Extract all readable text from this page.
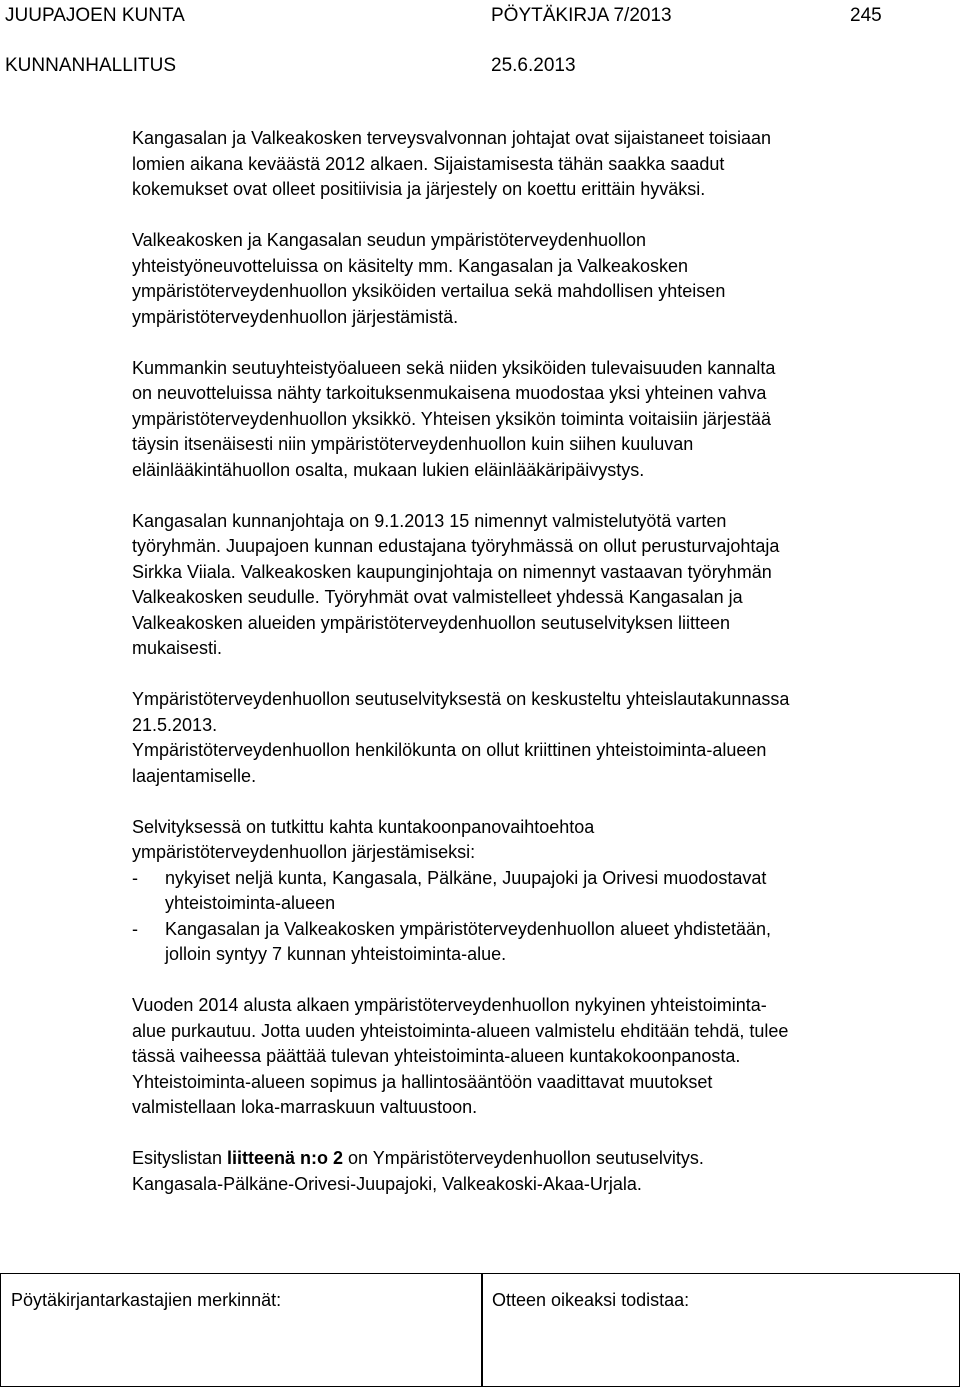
JUUPAJOEN KUNTA	PÖYTÄKIRJA 7/2013	245
KUNNANHALLITUS	25.6.2013

Kangasalan ja Valkeakosken terveysvalvonnan johtajat ovat sijaistaneet toisiaan
lomien aikana keväästä 2012 alkaen. Sijaistamisesta tähän saakka saadut
kokemukset ovat olleet positiivisia ja järjestely on koettu erittäin hyväksi.

Valkeakosken ja Kangasalan seudun ympäristöterveydenhuollon
yhteistyöneuvotteluissa on käsitelty mm. Kangasalan ja Valkeakosken
ympäristöterveydenhuollon yksiköiden vertailua sekä mahdollisen yhteisen
ympäristöterveydenhuollon järjestämistä.

Kummankin seutuyhteistyöalueen sekä niiden yksiköiden tulevaisuuden kannalta
on neuvotteluissa nähty tarkoituksenmukaisena muodostaa yksi yhteinen vahva
ympäristöterveydenhuollon yksikkö. Yhteisen yksikön toiminta voitaisiin järjestää
täysin itsenäisesti niin ympäristöterveydenhuollon kuin siihen kuuluvan
eläinlääkintähuollon osalta, mukaan lukien eläinlääkäripäivystys.

Kangasalan kunnanjohtaja on 9.1.2013 15 nimennyt valmistelutyötä varten
työryhmän. Juupajoen kunnan edustajana työryhmässä on ollut perusturvajohtaja
Sirkka Viiala. Valkeakosken kaupunginjohtaja on nimennyt vastaavan työryhmän
Valkeakosken seudulle. Työryhmät ovat valmistelleet yhdessä Kangasalan ja
Valkeakosken alueiden ympäristöterveydenhuollon seutuselvityksen liitteen
mukaisesti.

Ympäristöterveydenhuollon seutuselvityksestä on keskusteltu yhteislautakunnassa
21.5.2013.

Ympäristöterveydenhuollon henkilökunta on ollut kriittinen yhteistoiminta-alueen
laajentamiselle.

Selvityksessä on tutkittu kahta kuntakoonpanovaihtoehtoa
ympäristöterveydenhuollon järjestämiseksi:

- nykyiset neljä kunta, Kangasala, Pälkäne, Juupajoki ja Orivesi muodostavat
yhteistoiminta-alueen
- Kangasalan ja Valkeakosken ympäristöterveydenhuollon alueet yhdistetään,
jolloin syntyy 7 kunnan yhteistoiminta-alue.

Vuoden 2014 alusta alkaen ympäristöterveydenhuollon nykyinen yhteistoiminta-
alue purkautuu. Jotta uuden yhteistoiminta-alueen valmistelu ehditään tehdä, tulee
tässä vaiheessa päättää tulevan yhteistoiminta-alueen kuntakokoonpanosta.
Yhteistoiminta-alueen sopimus ja hallintosääntöön vaadittavat muutokset
valmistellaan loka-marraskuun valtuustoon.

Esityslistan liitteenä n:o 2 on Ympäristöterveydenhuollon seutuselvitys.
Kangasala-Pälkäne-Orivesi-Juupajoki, Valkeakoski-Akaa-Urjala.

Pöytäkirjantarkastajien merkinnät:	Otteen oikeaksi todistaa:
